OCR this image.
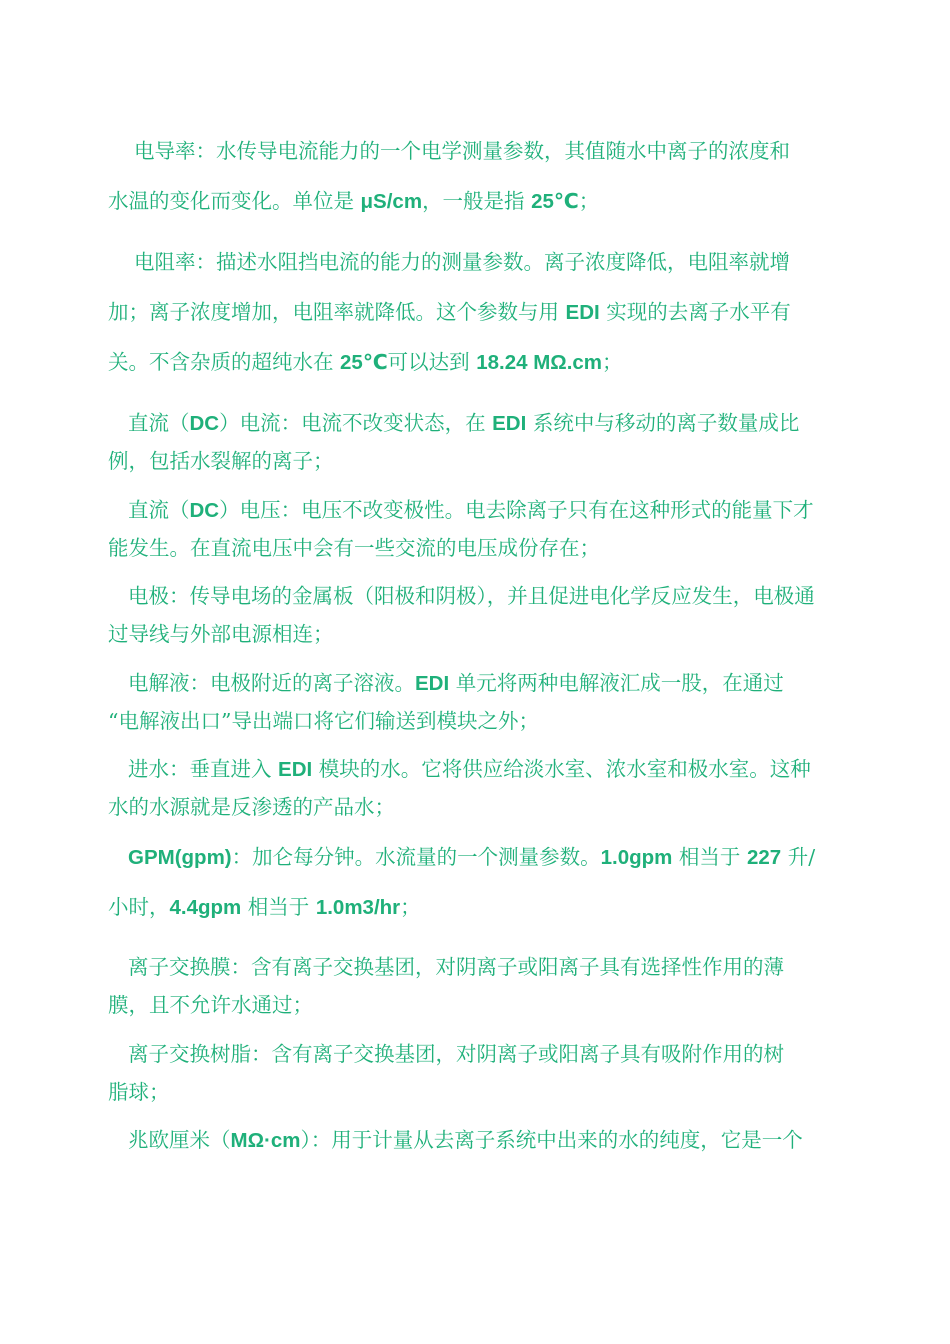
电导率：水传导电流能力的一个电学测量参数，其值随水中离子的浓度和
水温的变化而变化。单位是 μS/cm，一般是指 25℃；
电阻率：描述水阻挡电流的能力的测量参数。离子浓度降低，电阻率就增
加；离子浓度增加，电阻率就降低。这个参数与用 EDI 实现的去离子水平有
关。不含杂质的超纯水在 25℃可以达到 18.24 MΩ.cm；
直流（DC）电流：电流不改变状态，在 EDI 系统中与移动的离子数量成比
例，包括水裂解的离子；
直流（DC）电压：电压不改变极性。电去除离子只有在这种形式的能量下才
能发生。在直流电压中会有一些交流的电压成份存在；
电极：传导电场的金属板（阳极和阴极），并且促进电化学反应发生，电极通
过导线与外部电源相连；
电解液：电极附近的离子溶液。EDI 单元将两种电解液汇成一股，在通过
“电解液出口”导出端口将它们输送到模块之外；
进水：垂直进入 EDI 模块的水。它将供应给淡水室、浓水室和极水室。这种
水的水源就是反渗透的产品水；
GPM(gpm)：加仑每分钟。水流量的一个测量参数。1.0gpm 相当于 227 升/
小时，4.4gpm 相当于 1.0m3/hr；
离子交换膜：含有离子交换基团，对阴离子或阳离子具有选择性作用的薄
膜，且不允许水通过；
离子交换树脂：含有离子交换基团，对阴离子或阳离子具有吸附作用的树
脂球；
兆欧厘米（MΩ·cm）：用于计量从去离子系统中出来的水的纯度，它是一个
